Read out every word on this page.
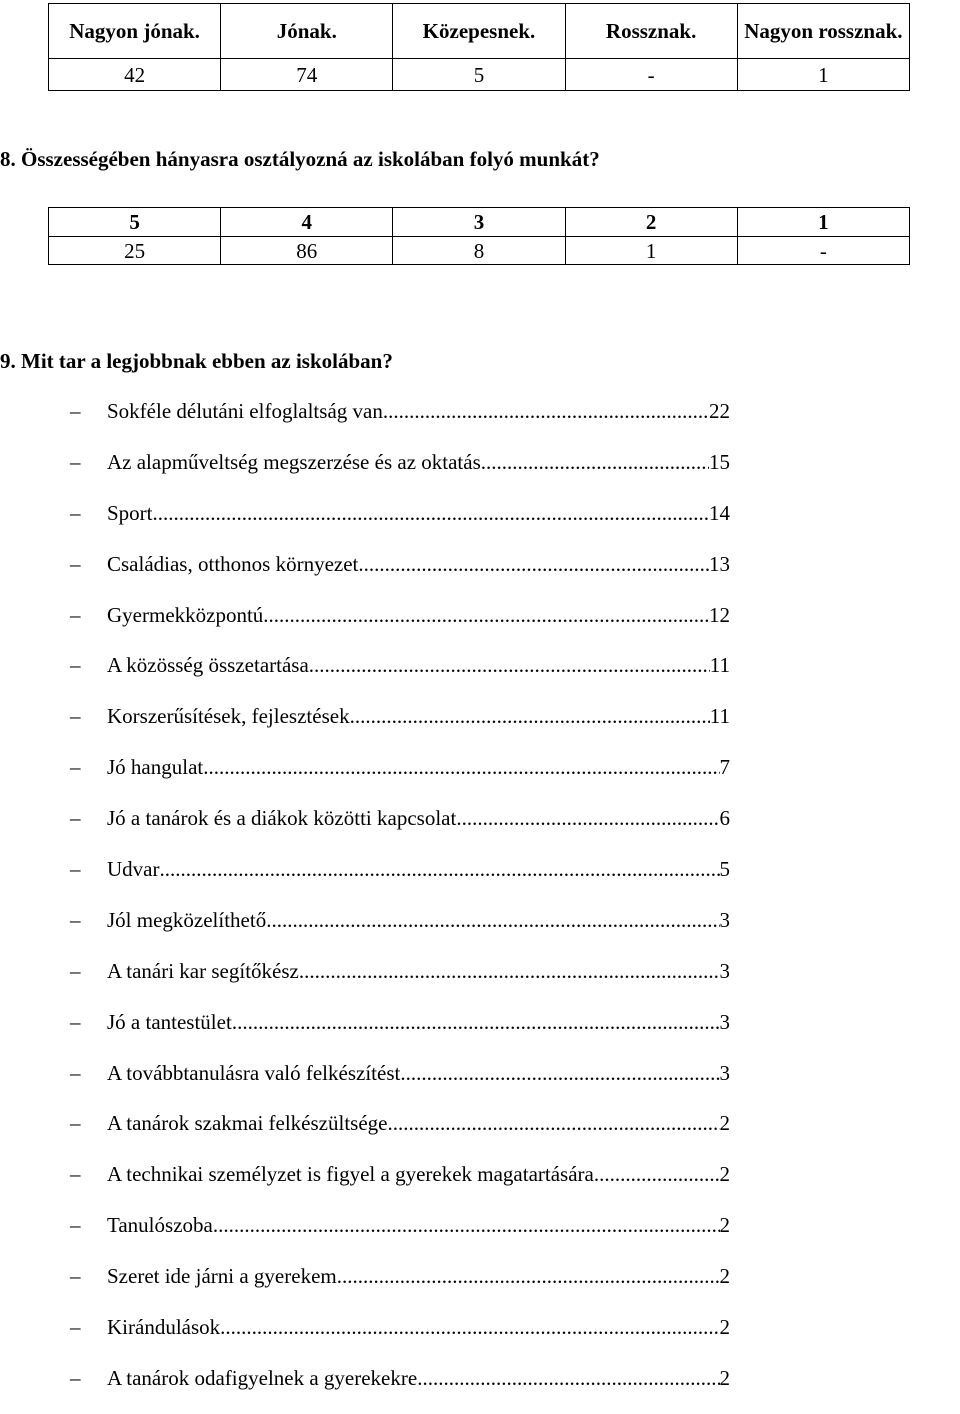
Nagyon jónak.	Jónak.	Közepesnek.	Rossznak.	Nagyon rossznak.
42	74	5	-	1

8. Összességében hányasra osztályozná az iskolában folyó munkát?

5	4	3	2	1
25	86	8	1	-

9. Mit tar a legjobbnak ebben az iskolában?

–
Sokféle délutáni elfoglaltság van .....	22
–
Az alapműveltség megszerzése és az oktatás .....	15
–
Sport .....	14
–
Családias, otthonos környezet .....	13
–
Gyermekközpontú .....	12
–
A közösség összetartása .....	11
–
Korszerűsítések, fejlesztések .....	11
–
Jó hangulat .....	7
–
Jó a tanárok és a diákok közötti kapcsolat .....	6
–
Udvar .....	5
–
Jól megközelíthető .....	3
–
A tanári kar segítőkész .....	3
–
Jó a tantestület .....	3
–
A továbbtanulásra való felkészítést .....	3
–
A tanárok szakmai felkészültsége .....	2
–
A technikai személyzet is figyel a gyerekek magatartására .....	2
–
Tanulószoba .....	2
–
Szeret ide járni a gyerekem .....	2
–
Kirándulások .....	2
–
A tanárok odafigyelnek a gyerekekre .....	2
